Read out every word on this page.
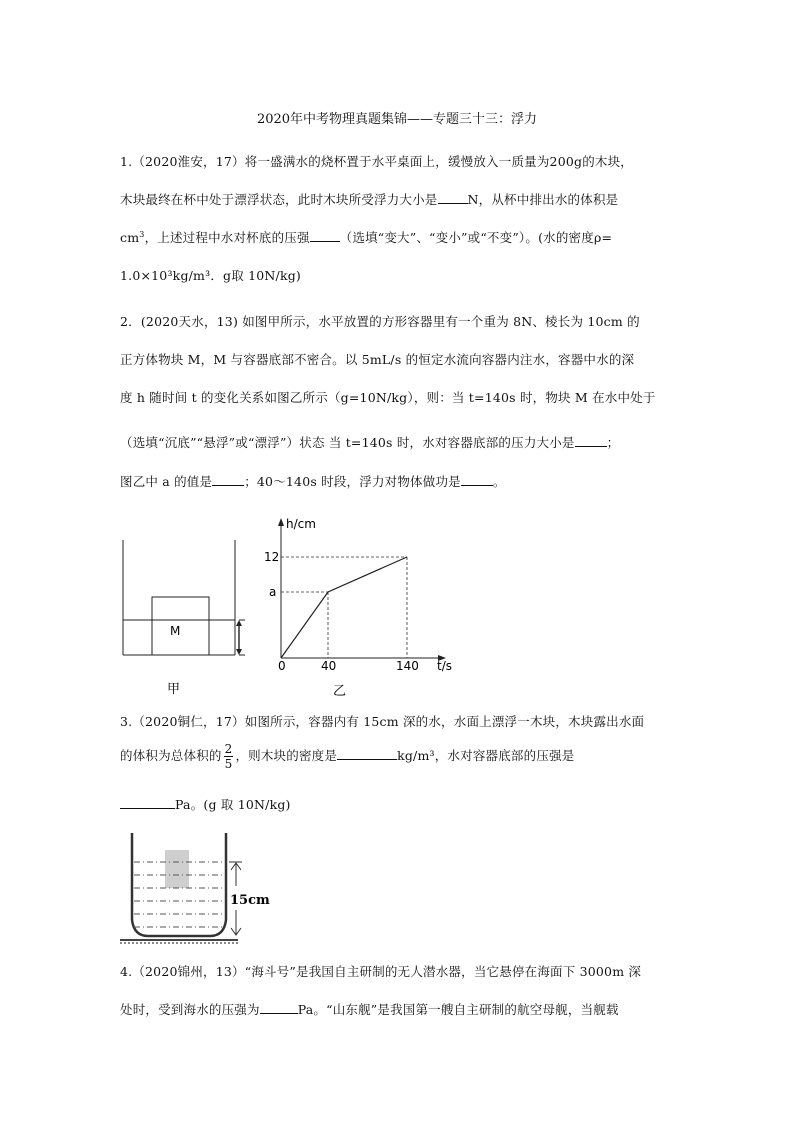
2020年中考物理真题集锦——专题三十三：浮力
1.（2020淮安，17）将一盛满水的烧杯置于水平桌面上，缓慢放入一质量为200g的木块，
木块最终在杯中处于漂浮状态，此时木块所受浮力大小是 N，从杯中排出水的体积是
$cm^3$，上述过程中水对杯底的压强 （选填“变大”、“变小”或“不变”）。(水的密度ρ=
1.0×10³kg/m³．g取 10N/kg)
2．(2020天水，13) 如图甲所示，水平放置的方形容器里有一个重为 8N、棱长为 10cm 的
正方体物块 M，M 与容器底部不密合。以 5mL/s 的恒定水流向容器内注水，容器中水的深
度 h 随时间 t 的变化关系如图乙所示（g=10N/kg），则：当 t=140s 时，物块 M 在水中处于
（选填“沉底”“悬浮”或“漂浮”）状态 当 t=140s 时，水对容器底部的压力大小是	；
图乙中 a 的值是	；40～140s 时段，浮力对物体做功是	。
M
甲
h/cm
t/s
12
a
0	40	140
乙
3.（2020铜仁，17）如图所示，容器内有 15cm 深的水，水面上漂浮一木块，木块露出水面
的体积为总体积的 $\frac{2}{5}$ ，则木块的密度是	kg/m³，水对容器底部的压强是
Pa。(g 取 10N/kg)
15cm
4.（2020锦州，13）“海斗号”是我国自主研制的无人潜水器，当它悬停在海面下 3000m 深
处时，受到海水的压强为	Pa。“山东舰”是我国第一艘自主研制的航空母舰，当舰载
